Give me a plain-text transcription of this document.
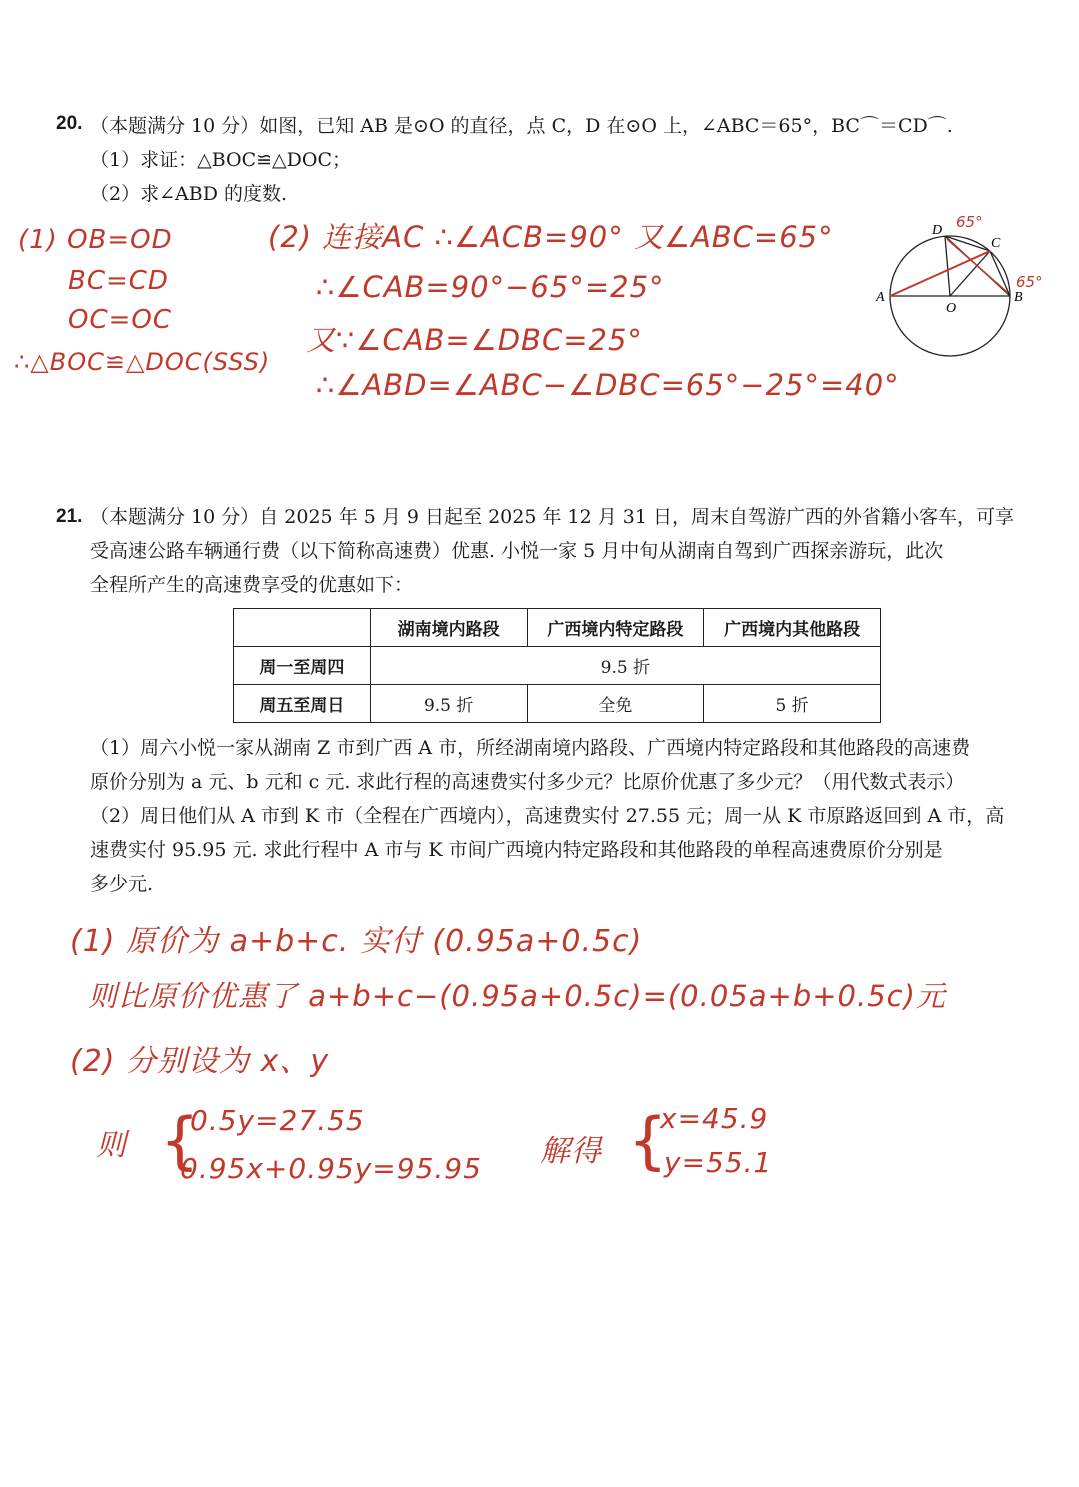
20. （本题满分 10 分）如图，已知 AB 是⊙O 的直径，点 C，D 在⊙O 上，∠ABC＝65°，BC⌒＝CD⌒.
（1）求证：△BOC≌△DOC；
（2）求∠ABD 的度数.
A	B
C
D
O
65°
65°
(1) OB=OD
BC=CD
OC=OC
∴△BOC≌△DOC(SSS)
(2) 连接AC ∴∠ACB=90° 又∠ABC=65°
∴∠CAB=90°−65°=25°
又∵∠CAB=∠DBC=25°
∴∠ABD=∠ABC−∠DBC=65°−25°=40°
21. （本题满分 10 分）自 2025 年 5 月 9 日起至 2025 年 12 月 31 日，周末自驾游广西的外省籍小客车，可享
受高速公路车辆通行费（以下简称高速费）优惠. 小悦一家 5 月中旬从湖南自驾到广西探亲游玩，此次
全程所产生的高速费享受的优惠如下：
	湖南境内路段	广西境内特定路段	广西境内其他路段
周一至周四	9.5 折		
周五至周日	9.5 折	全免	5 折
（1）周六小悦一家从湖南 Z 市到广西 A 市，所经湖南境内路段、广西境内特定路段和其他路段的高速费
原价分别为 a 元、b 元和 c 元. 求此行程的高速费实付多少元？比原价优惠了多少元？（用代数式表示）
（2）周日他们从 A 市到 K 市（全程在广西境内），高速费实付 27.55 元；周一从 K 市原路返回到 A 市，高
速费实付 95.95 元. 求此行程中 A 市与 K 市间广西境内特定路段和其他路段的单程高速费原价分别是
多少元.
(1) 原价为 a+b+c. 实付 (0.95a+0.5c)
则比原价优惠了 a+b+c−(0.95a+0.5c)=(0.05a+b+0.5c)元
(2) 分别设为 x、y
则 {
0.5y=27.55
0.95x+0.95y=95.95 解得 {
x=45.9
y=55.1
